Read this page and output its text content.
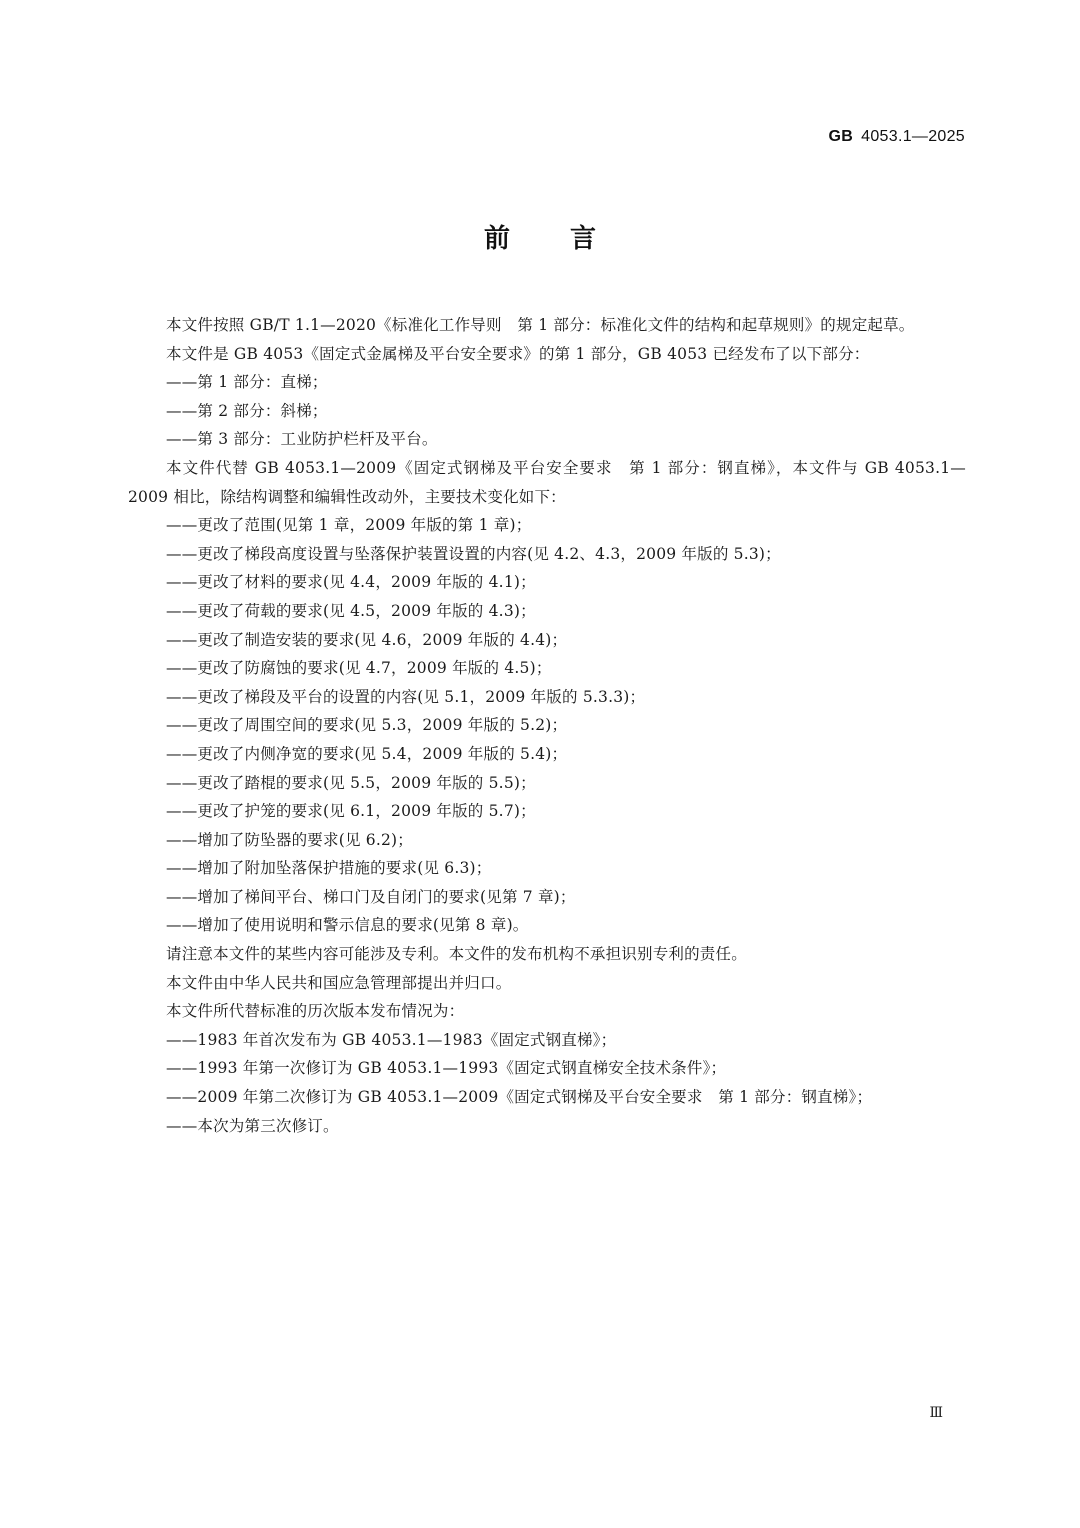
GB 4053.1—2025
前言

本文件按照 GB/T 1.1—2020《标准化工作导则　第 1 部分：标准化文件的结构和起草规则》的规定起草。

本文件是 GB 4053《固定式金属梯及平台安全要求》的第 1 部分，GB 4053 已经发布了以下部分：

——第 1 部分：直梯；

——第 2 部分：斜梯；

——第 3 部分：工业防护栏杆及平台。

本文件代替 GB 4053.1—2009《固定式钢梯及平台安全要求　第 1 部分：钢直梯》，本文件与 GB 4053.1—2009 相比，除结构调整和编辑性改动外，主要技术变化如下：

——更改了范围(见第 1 章，2009 年版的第 1 章)；

——更改了梯段高度设置与坠落保护装置设置的内容(见 4.2、4.3，2009 年版的 5.3)；

——更改了材料的要求(见 4.4，2009 年版的 4.1)；

——更改了荷载的要求(见 4.5，2009 年版的 4.3)；

——更改了制造安装的要求(见 4.6，2009 年版的 4.4)；

——更改了防腐蚀的要求(见 4.7，2009 年版的 4.5)；

——更改了梯段及平台的设置的内容(见 5.1，2009 年版的 5.3.3)；

——更改了周围空间的要求(见 5.3，2009 年版的 5.2)；

——更改了内侧净宽的要求(见 5.4，2009 年版的 5.4)；

——更改了踏棍的要求(见 5.5，2009 年版的 5.5)；

——更改了护笼的要求(见 6.1，2009 年版的 5.7)；

——增加了防坠器的要求(见 6.2)；

——增加了附加坠落保护措施的要求(见 6.3)；

——增加了梯间平台、梯口门及自闭门的要求(见第 7 章)；

——增加了使用说明和警示信息的要求(见第 8 章)。

请注意本文件的某些内容可能涉及专利。本文件的发布机构不承担识别专利的责任。

本文件由中华人民共和国应急管理部提出并归口。

本文件所代替标准的历次版本发布情况为：

——1983 年首次发布为 GB 4053.1—1983《固定式钢直梯》；

——1993 年第一次修订为 GB 4053.1—1993《固定式钢直梯安全技术条件》；

——2009 年第二次修订为 GB 4053.1—2009《固定式钢梯及平台安全要求　第 1 部分：钢直梯》；

——本次为第三次修订。

Ⅲ
